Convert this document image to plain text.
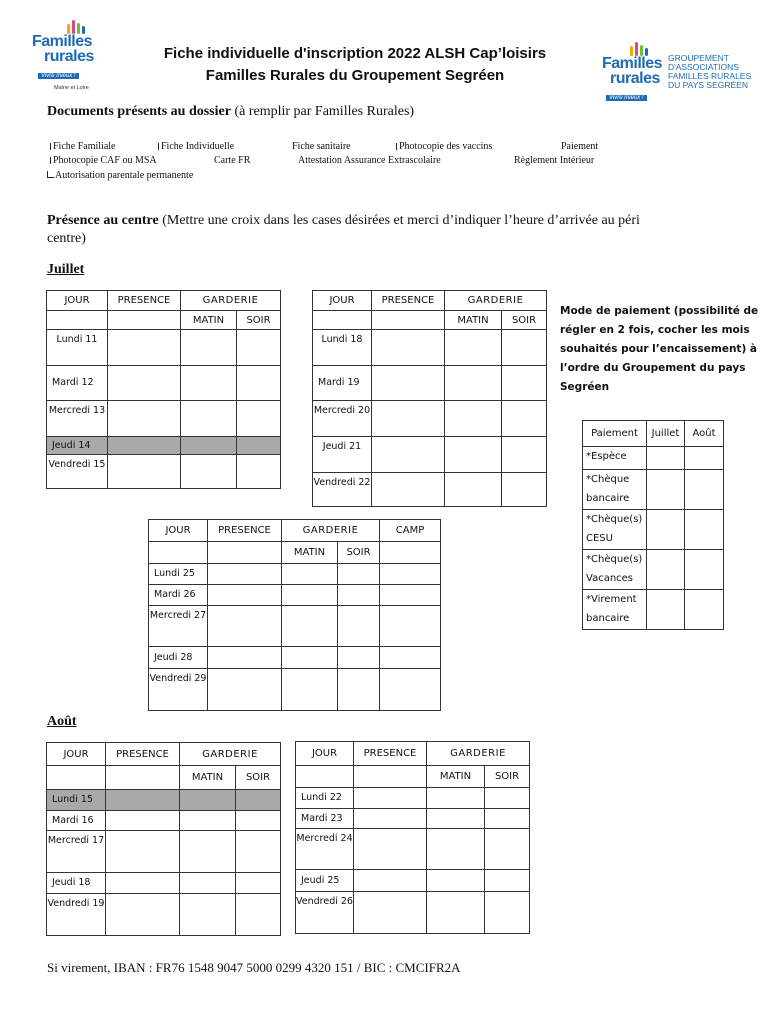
Familles
rurales
Vivre mieux !
Maine et Loire
Familles
rurales
Vivre mieux !
GROUPEMENT
D'ASSOCIATIONS
FAMILLES RURALES
DU PAYS SEGRÉEN
Fiche individuelle d'inscription 2022 ALSH Cap’loisirs
Familles Rurales du Groupement Segréen
Documents présents au dossier (à remplir par Familles Rurales)
Fiche Familiale	Fiche Individuelle	Fiche sanitaire	Photocopie des vaccins	Paiement
Photocopie CAF ou MSA	Carte FR	Attestation Assurance Extrascolaire	Règlement Intérieur
Autorisation parentale permanente
Présence au centre (Mettre une croix dans les cases désirées et merci d’indiquer l’heure d’arrivée au péri
centre)
Juillet
JOUR	PRESENCE	GARDERIE	
		MATIN	SOIR
Lundi 11			
Mardi 12			
Mercredi 13			
Jeudi 14			
Vendredi 15			
JOUR	PRESENCE	GARDERIE	
		MATIN	SOIR
Lundi 18			
Mardi 19			
Mercredi 20			
Jeudi 21			
Vendredi 22			
Mode de paiement (possibilité de régler en 2 fois, cocher les mois souhaités pour l’encaissement) à l’ordre du Groupement du pays Segréen
Paiement	Juillet	Août
*Espèce		
*Chèque bancaire		
*Chèque(s) CESU		
*Chèque(s) Vacances		
*Virement bancaire		
JOUR	PRESENCE	GARDERIE		CAMP
		MATIN	SOIR	
Lundi 25				
Mardi 26				
Mercredi 27				
Jeudi 28				
Vendredi 29				
Août
JOUR	PRESENCE	GARDERIE	
		MATIN	SOIR
Lundi 15			
Mardi 16			
Mercredi 17			
Jeudi 18			
Vendredi 19			
JOUR	PRESENCE	GARDERIE	
		MATIN	SOIR
Lundi 22			
Mardi 23			
Mercredi 24			
Jeudi 25			
Vendredi 26			
Si virement, IBAN : FR76 1548 9047 5000 0299 4320 151 / BIC : CMCIFR2A
